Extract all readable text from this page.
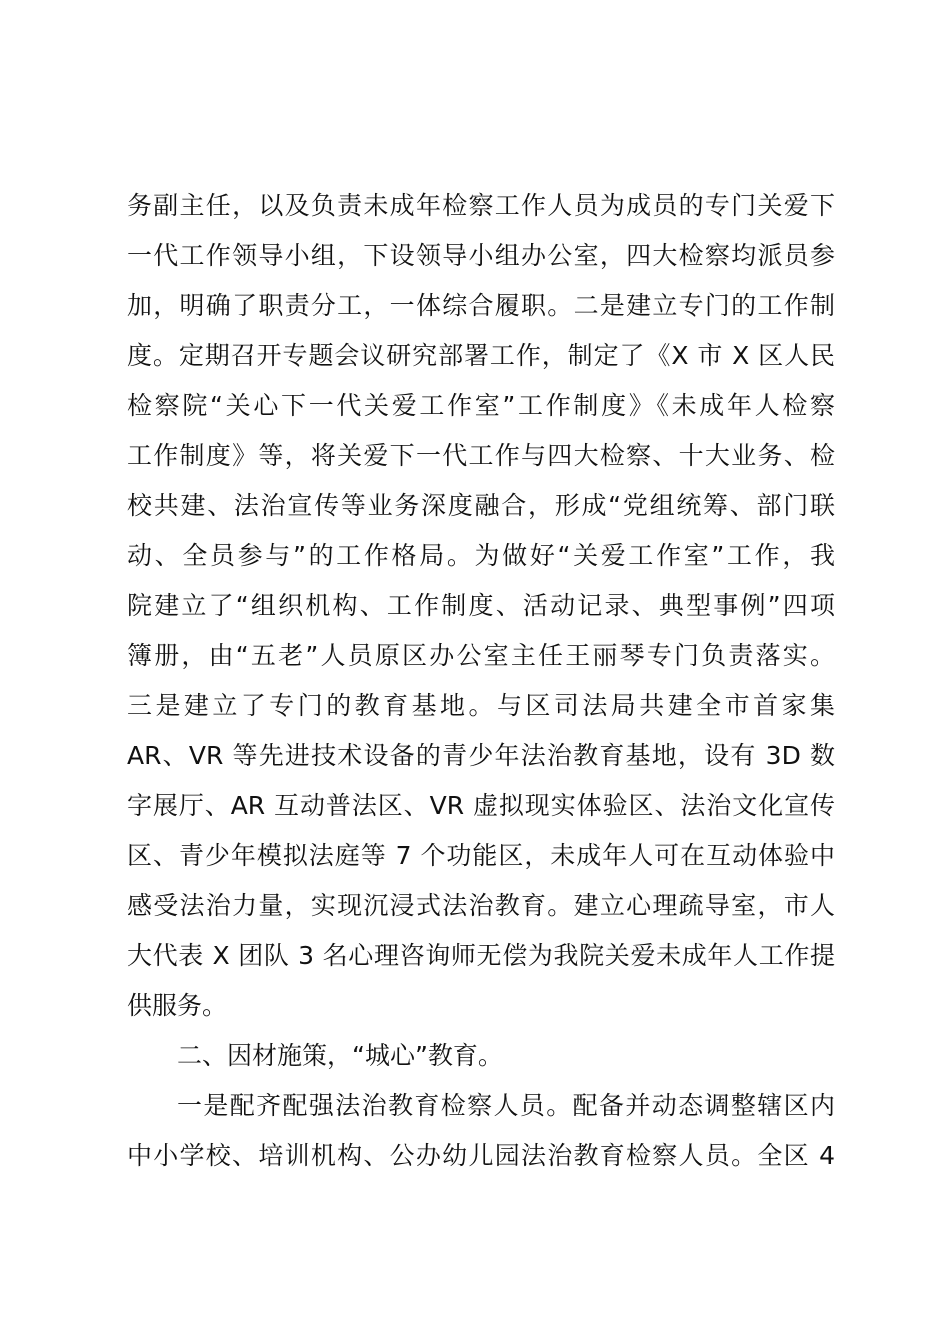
务副主任，以及负责未成年检察工作人员为成员的专门关爱下
一代工作领导小组，下设领导小组办公室，四大检察均派员参
加，明确了职责分工，一体综合履职。二是建立专门的工作制
度。定期召开专题会议研究部署工作，制定了《X 市 X 区人民
检察院“关心下一代关爱工作室”工作制度》《未成年人检察
工作制度》等，将关爱下一代工作与四大检察、十大业务、检
校共建、法治宣传等业务深度融合，形成“党组统筹、部门联
动、全员参与”的工作格局。为做好“关爱工作室”工作，我
院建立了“组织机构、工作制度、活动记录、典型事例”四项
簿册，由“五老”人员原区办公室主任王丽琴专门负责落实。
三是建立了专门的教育基地。与区司法局共建全市首家集
AR、VR 等先进技术设备的青少年法治教育基地，设有 3D 数
字展厅、AR 互动普法区、VR 虚拟现实体验区、法治文化宣传
区、青少年模拟法庭等 7 个功能区，未成年人可在互动体验中
感受法治力量，实现沉浸式法治教育。建立心理疏导室，市人
大代表 X 团队 3 名心理咨询师无偿为我院关爱未成年人工作提
供服务。

二、因材施策，“城心”教育。

一是配齐配强法治教育检察人员。配备并动态调整辖区内
中小学校、培训机构、公办幼儿园法治教育检察人员。全区 4
